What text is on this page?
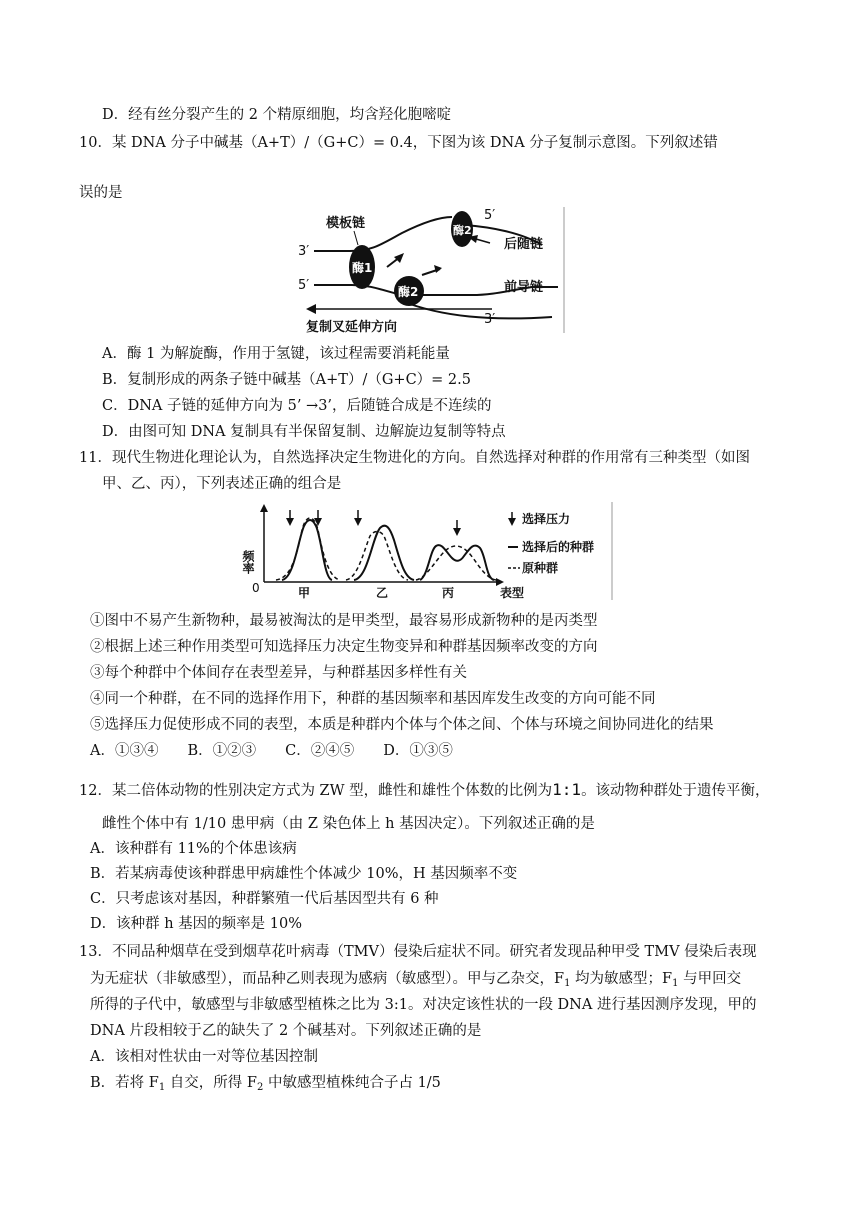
D．经有丝分裂产生的 2 个精原细胞，均含羟化胞嘧啶
10．某 DNA 分子中碱基（A+T）/（G+C）= 0.4，下图为该 DNA 分子复制示意图。下列叙述错
误的是
酶1
酶2
酶2
模板链
3′
5′
5′
3′
后随链
前导链
复制叉延伸方向
A．酶 1 为解旋酶，作用于氢键，该过程需要消耗能量
B．复制形成的两条子链中碱基（A+T）/（G+C）= 2.5
C．DNA 子链的延伸方向为 5’ →3’，后随链合成是不连续的
D．由图可知 DNA 复制具有半保留复制、边解旋边复制等特点
11．现代生物进化理论认为，自然选择决定生物进化的方向。自然选择对种群的作用常有三种类型（如图
甲、乙、丙），下列表述正确的组合是
频率
0	甲	乙	丙	表型
选择压力
选择后的种群
原种群
①图中不易产生新物种，最易被淘汰的是甲类型，最容易形成新物种的是丙类型
②根据上述三种作用类型可知选择压力决定生物变异和种群基因频率改变的方向
③每个种群中个体间存在表型差异，与种群基因多样性有关
④同一个种群，在不同的选择作用下，种群的基因频率和基因库发生改变的方向可能不同
⑤选择压力促使形成不同的表型，本质是种群内个体与个体之间、个体与环境之间协同进化的结果
A．①③④　　B．①②③　　C．②④⑤　　D．①③⑤
12．某二倍体动物的性别决定方式为 ZW 型，雌性和雄性个体数的比例为1:1。该动物种群处于遗传平衡，
雌性个体中有 1/10 患甲病（由 Z 染色体上 h 基因决定）。下列叙述正确的是
A．该种群有 11%的个体患该病
B．若某病毒使该种群患甲病雄性个体减少 10%，H 基因频率不变
C．只考虑该对基因，种群繁殖一代后基因型共有 6 种
D．该种群 h 基因的频率是 10%
13．不同品种烟草在受到烟草花叶病毒（TMV）侵染后症状不同。研究者发现品种甲受 TMV 侵染后表现
为无症状（非敏感型），而品种乙则表现为感病（敏感型）。甲与乙杂交，$F_1$ 均为敏感型；$F_1$ 与甲回交
所得的子代中，敏感型与非敏感型植株之比为 3:1。对决定该性状的一段 DNA 进行基因测序发现，甲的
DNA 片段相较于乙的缺失了 2 个碱基对。下列叙述正确的是
A．该相对性状由一对等位基因控制
B．若将 $F_1$ 自交，所得 $F_2$ 中敏感型植株纯合子占 1/5
